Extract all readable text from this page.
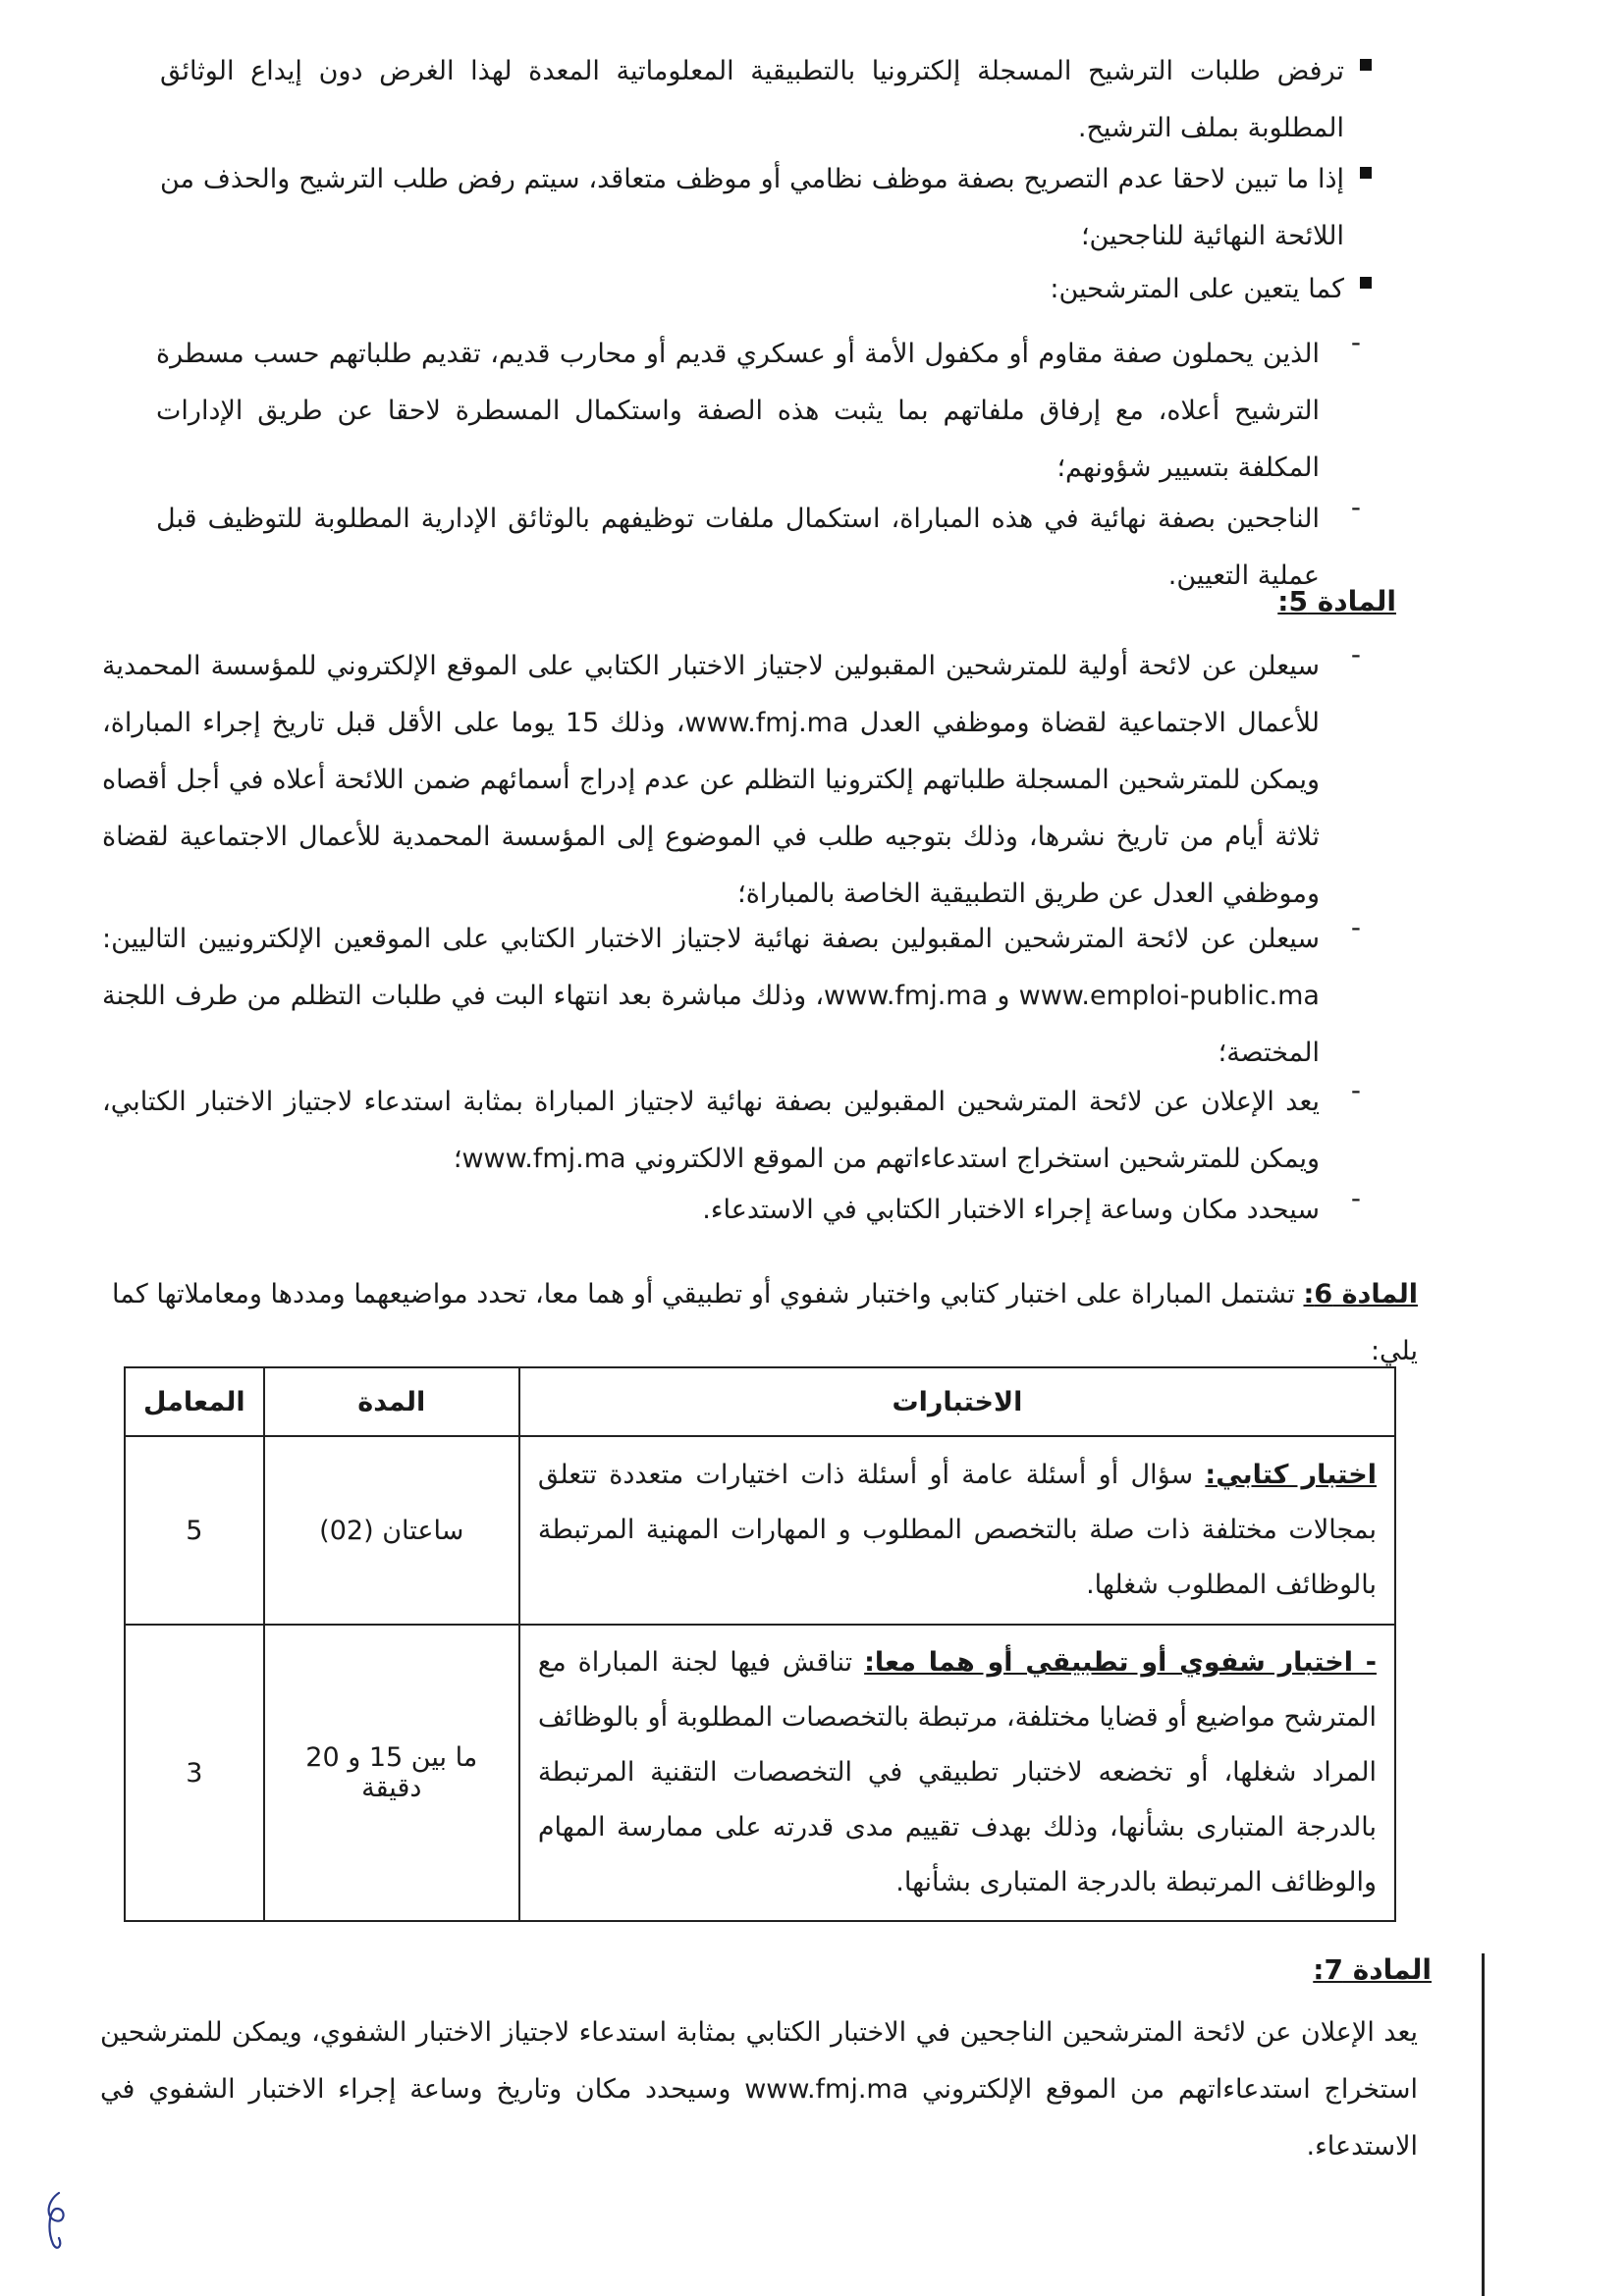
ترفض طلبات الترشيح المسجلة إلكترونيا بالتطبيقية المعلوماتية المعدة لهذا الغرض دون إيداع الوثائق المطلوبة بملف الترشيح.
إذا ما تبين لاحقا عدم التصريح بصفة موظف نظامي أو موظف متعاقد، سيتم رفض طلب الترشيح والحذف من اللائحة النهائية للناجحين؛
كما يتعين على المترشحين:
-
الذين يحملون صفة مقاوم أو مكفول الأمة أو عسكري قديم أو محارب قديم، تقديم طلباتهم حسب مسطرة الترشيح أعلاه، مع إرفاق ملفاتهم بما يثبت هذه الصفة واستكمال المسطرة لاحقا عن طريق الإدارات المكلفة بتسيير شؤونهم؛
-
الناجحين بصفة نهائية في هذه المباراة، استكمال ملفات توظيفهم بالوثائق الإدارية المطلوبة للتوظيف قبل عملية التعيين.
المادة 5:
-
سيعلن عن لائحة أولية للمترشحين المقبولين لاجتياز الاختبار الكتابي على الموقع الإلكتروني للمؤسسة المحمدية للأعمال الاجتماعية لقضاة وموظفي العدل www.fmj.ma، وذلك 15 يوما على الأقل قبل تاريخ إجراء المباراة، ويمكن للمترشحين المسجلة طلباتهم إلكترونيا التظلم عن عدم إدراج أسمائهم ضمن اللائحة أعلاه في أجل أقصاه ثلاثة أيام من تاريخ نشرها، وذلك بتوجيه طلب في الموضوع إلى المؤسسة المحمدية للأعمال الاجتماعية لقضاة وموظفي العدل عن طريق التطبيقية الخاصة بالمباراة؛
-
سيعلن عن لائحة المترشحين المقبولين بصفة نهائية لاجتياز الاختبار الكتابي على الموقعين الإلكترونيين التاليين: www.emploi-public.ma و www.fmj.ma، وذلك مباشرة بعد انتهاء البت في طلبات التظلم من طرف اللجنة المختصة؛
-
يعد الإعلان عن لائحة المترشحين المقبولين بصفة نهائية لاجتياز المباراة بمثابة استدعاء لاجتياز الاختبار الكتابي، ويمكن للمترشحين استخراج استدعاءاتهم من الموقع الالكتروني www.fmj.ma؛
-
سيحدد مكان وساعة إجراء الاختبار الكتابي في الاستدعاء.
المادة 6: تشتمل المباراة على اختبار كتابي واختبار شفوي أو تطبيقي أو هما معا، تحدد مواضيعهما ومددها ومعاملاتها كما يلي:
الاختبارات	المدة	المعامل
اختبار كتابي: سؤال أو أسئلة عامة أو أسئلة ذات اختيارات متعددة تتعلق بمجالات مختلفة ذات صلة بالتخصص المطلوب و المهارات المهنية المرتبطة بالوظائف المطلوب شغلها.	ساعتان (02)	5
- اختبار شفوي أو تطبيقي أو هما معا: تناقش فيها لجنة المباراة مع المترشح مواضيع أو قضايا مختلفة، مرتبطة بالتخصصات المطلوبة أو بالوظائف المراد شغلها، أو تخضعه لاختبار تطبيقي في التخصصات التقنية المرتبطة بالدرجة المتبارى بشأنها، وذلك بهدف تقييم مدى قدرته على ممارسة المهام والوظائف المرتبطة بالدرجة المتبارى بشأنها.	ما بين 15 و 20 دقيقة	3
المادة 7:
يعد الإعلان عن لائحة المترشحين الناجحين في الاختبار الكتابي بمثابة استدعاء لاجتياز الاختبار الشفوي، ويمكن للمترشحين استخراج استدعاءاتهم من الموقع الإلكتروني www.fmj.ma وسيحدد مكان وتاريخ وساعة إجراء الاختبار الشفوي في الاستدعاء.
